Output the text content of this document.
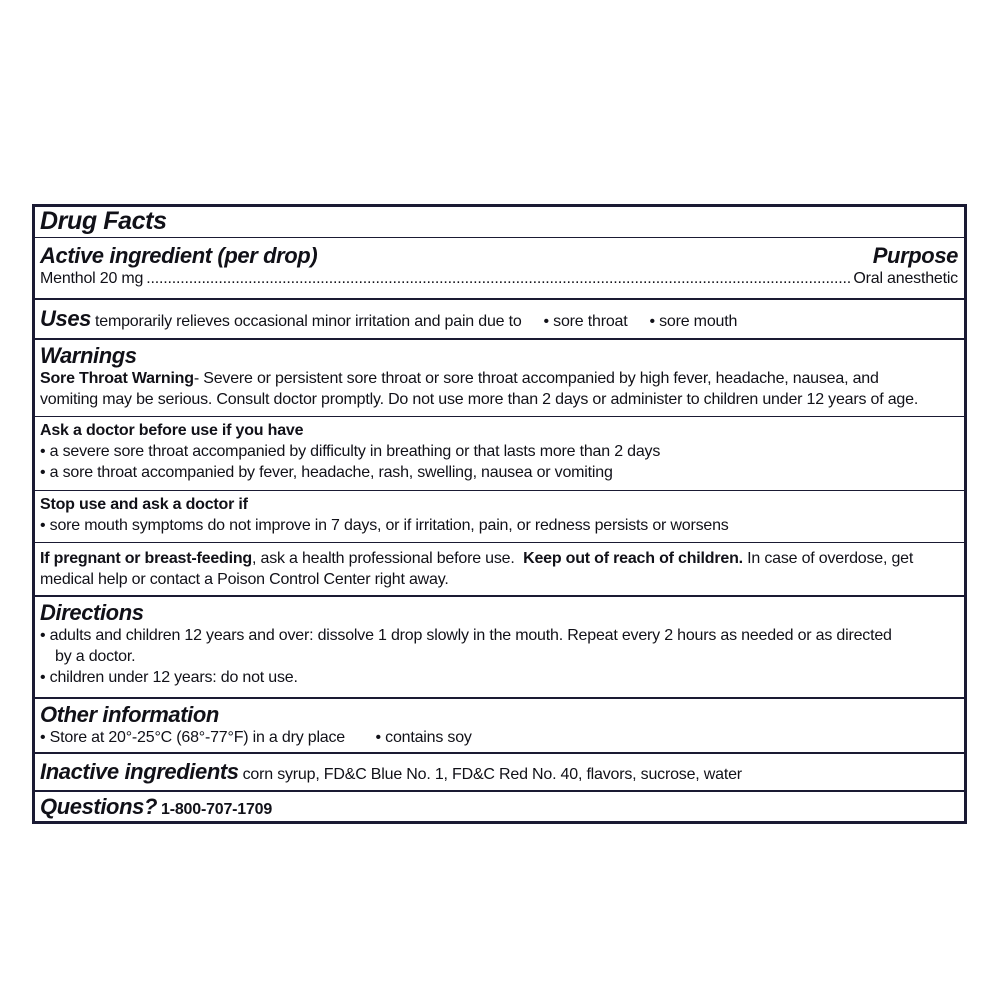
Drug Facts
Active ingredient (per drop)	Purpose
Menthol 20 mg
.....	Oral anesthetic
Uses temporarily relieves occasional minor irritation and pain due to • sore throat • sore mouth
Warnings
Sore Throat Warning- Severe or persistent sore throat or sore throat accompanied by high fever, headache, nausea, and
vomiting may be serious. Consult doctor promptly. Do not use more than 2 days or administer to children under 12 years of age.
Ask a doctor before use if you have
• a severe sore throat accompanied by difficulty in breathing or that lasts more than 2 days
• a sore throat accompanied by fever, headache, rash, swelling, nausea or vomiting
Stop use and ask a doctor if
• sore mouth symptoms do not improve in 7 days, or if irritation, pain, or redness persists or worsens
If pregnant or breast-feeding, ask a health professional before use. Keep out of reach of children. In case of overdose, get
medical help or contact a Poison Control Center right away.
Directions
• adults and children 12 years and over: dissolve 1 drop slowly in the mouth. Repeat every 2 hours as needed or as directed
by a doctor.
• children under 12 years: do not use.
Other information
• Store at 20°-25°C (68°-77°F) in a dry place • contains soy
Inactive ingredients corn syrup, FD&C Blue No. 1, FD&C Red No. 40, flavors, sucrose, water
Questions? 1-800-707-1709
